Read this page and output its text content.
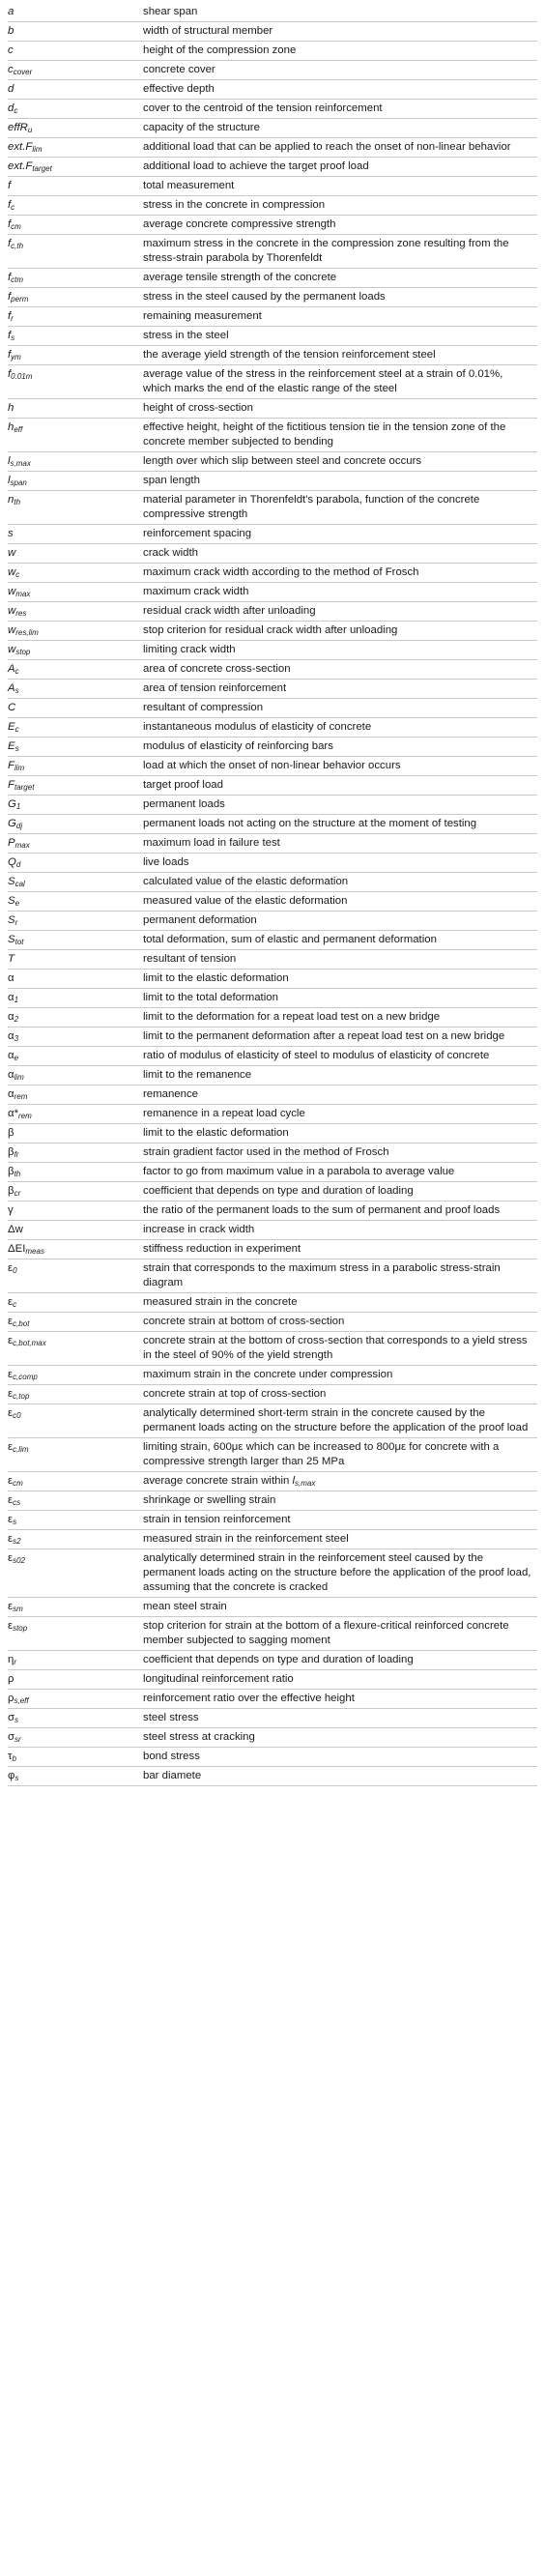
a	shear span
b	width of structural member
c	height of the compression zone
$c_{cover}$	concrete cover
d	effective depth
$d_c$	cover to the centroid of the tension reinforcement
effR$_u$	capacity of the structure
$ext.F_{lim}$	additional load that can be applied to reach the onset of non-linear behavior
$ext.F_{target}$	additional load to achieve the target proof load
f	total measurement
$f_c$	stress in the concrete in compression
$f_{cm}$	average concrete compressive strength
$f_{c,th}$	maximum stress in the concrete in the compression zone resulting from the stress-strain parabola by Thorenfeldt
$f_{ctm}$	average tensile strength of the concrete
$f_{perm}$	stress in the steel caused by the permanent loads
$f_r$	remaining measurement
$f_s$	stress in the steel
$f_{ym}$	the average yield strength of the tension reinforcement steel
$f_{0.01m}$	average value of the stress in the reinforcement steel at a strain of 0.01%, which marks the end of the elastic range of the steel
h	height of cross-section
$h_{eff}$	effective height, height of the fictitious tension tie in the tension zone of the concrete member subjected to bending
$l_{s,max}$	length over which slip between steel and concrete occurs
$l_{span}$	span length
$n_{th}$	material parameter in Thorenfeldt's parabola, function of the concrete compressive strength
s	reinforcement spacing
w	crack width
$w_c$	maximum crack width according to the method of Frosch
$w_{max}$	maximum crack width
$w_{res}$	residual crack width after unloading
$w_{res,lim}$	stop criterion for residual crack width after unloading
$w_{stop}$	limiting crack width
$A_c$	area of concrete cross-section
$A_s$	area of tension reinforcement
C	resultant of compression
$E_c$	instantaneous modulus of elasticity of concrete
$E_s$	modulus of elasticity of reinforcing bars
$F_{lim}$	load at which the onset of non-linear behavior occurs
$F_{target}$	target proof load
$G_1$	permanent loads
$G_{dj}$	permanent loads not acting on the structure at the moment of testing
$P_{max}$	maximum load in failure test
$Q_d$	live loads
$S_{cal}$	calculated value of the elastic deformation
$S_e$	measured value of the elastic deformation
$S_r$	permanent deformation
$S_{tot}$	total deformation, sum of elastic and permanent deformation
T	resultant of tension
α	limit to the elastic deformation
$\alpha_1$	limit to the total deformation
$\alpha_2$	limit to the deformation for a repeat load test on a new bridge
$\alpha_3$	limit to the permanent deformation after a repeat load test on a new bridge
$\alpha_e$	ratio of modulus of elasticity of steel to modulus of elasticity of concrete
$\alpha_{lim}$	limit to the remanence
$\alpha_{rem}$	remanence
$\alpha*_{rem}$	remanence in a repeat load cycle
β	limit to the elastic deformation
$\beta_{fr}$	strain gradient factor used in the method of Frosch
$\beta_{th}$	factor to go from maximum value in a parabola to average value
$\beta_{cr}$	coefficient that depends on type and duration of loading
γ	the ratio of the permanent loads to the sum of permanent and proof loads
Δw	increase in crack width
$\Delta EI_{meas}$	stiffness reduction in experiment
$\varepsilon_0$	strain that corresponds to the maximum stress in a parabolic stress-strain diagram
$\varepsilon_c$	measured strain in the concrete
$\varepsilon_{c,bot}$	concrete strain at bottom of cross-section
$\varepsilon_{c,bot,max}$	concrete strain at the bottom of cross-section that corresponds to a yield stress in the steel of 90% of the yield strength
$\varepsilon_{c,comp}$	maximum strain in the concrete under compression
$\varepsilon_{c,top}$	concrete strain at top of cross-section
$\varepsilon_{c0}$	analytically determined short-term strain in the concrete caused by the permanent loads acting on the structure before the application of the proof load
$\varepsilon_{c,lim}$	limiting strain, 600με which can be increased to 800με for concrete with a compressive strength larger than 25 MPa
$\varepsilon_{cm}$	average concrete strain within $l_{s,max}$
$\varepsilon_{cs}$	shrinkage or swelling strain
$\varepsilon_s$	strain in tension reinforcement
$\varepsilon_{s2}$	measured strain in the reinforcement steel
$\varepsilon_{s02}$	analytically determined strain in the reinforcement steel caused by the permanent loads acting on the structure before the application of the proof load, assuming that the concrete is cracked
$\varepsilon_{sm}$	mean steel strain
$\varepsilon_{stop}$	stop criterion for strain at the bottom of a flexure-critical reinforced concrete member subjected to sagging moment
$\eta_r$	coefficient that depends on type and duration of loading
ρ	longitudinal reinforcement ratio
$\rho_{s,eff}$	reinforcement ratio over the effective height
$\sigma_s$	steel stress
$\sigma_{sr}$	steel stress at cracking
$\tau_b$	bond stress
$\varphi_s$	bar diamete
